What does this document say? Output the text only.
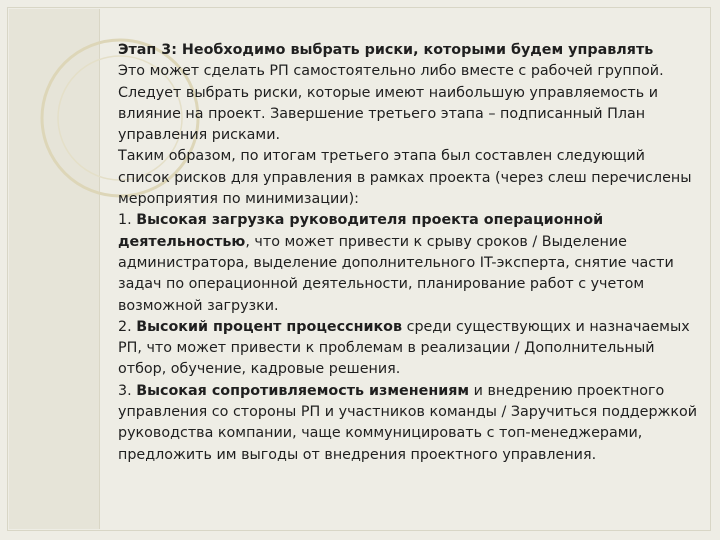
Этап 3: Необходимо выбрать риски, которыми будем управлять

Это может сделать РП самостоятельно либо вместе с рабочей группой.

Следует выбрать риски, которые имеют наибольшую управляемость и влияние на проект. Завершение третьего этапа – подписанный План управления рисками.

Таким образом, по итогам третьего этапа был составлен следующий список рисков для управления в рамках проекта (через слеш перечислены мероприятия по минимизации):

1. Высокая загрузка руководителя проекта операционной деятельностью, что может привести к срыву сроков / Выделение администратора, выделение дополнительного IT-эксперта, снятие части задач по операционной деятельности, планирование работ с учетом возможной загрузки.

2. Высокий процент процессников среди существующих и назначаемых РП, что может привести к проблемам в реализации / Дополнительный отбор, обучение, кадровые решения.

3. Высокая сопротивляемость изменениям и внедрению проектного управления со стороны РП и участников команды / Заручиться поддержкой руководства компании, чаще коммуницировать с топ-менеджерами, предложить им выгоды от внедрения проектного управления.
